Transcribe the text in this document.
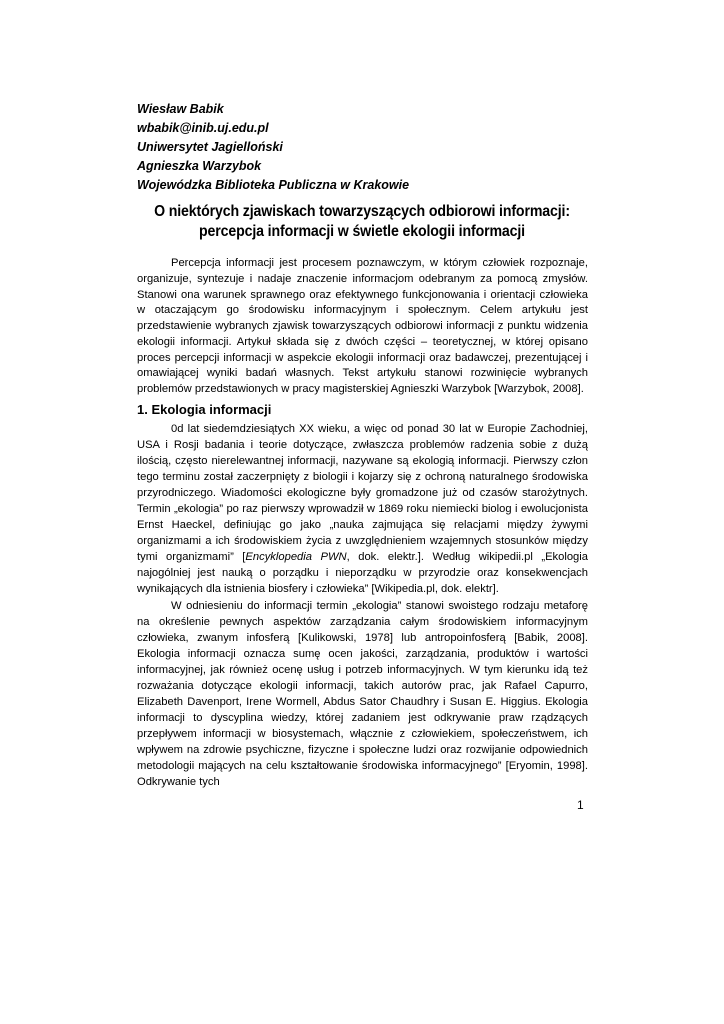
Wiesław Babik
wbabik@inib.uj.edu.pl
Uniwersytet Jagielloński
Agnieszka Warzybok
Wojewódzka Biblioteka Publiczna w Krakowie
O niektórych zjawiskach towarzyszących odbiorowi informacji:
percepcja informacji w świetle ekologii informacji

Percepcja informacji jest procesem poznawczym, w którym człowiek rozpoznaje, organizuje, syntezuje i nadaje znaczenie informacjom odebranym za pomocą zmysłów. Stanowi ona warunek sprawnego oraz efektywnego funkcjonowania i orientacji człowieka w otaczającym go środowisku informacyjnym i społecznym. Celem artykułu jest przedstawienie wybranych zjawisk towarzyszących odbiorowi informacji z punktu widzenia ekologii informacji. Artykuł składa się z dwóch części – teoretycznej, w której opisano proces percepcji informacji w aspekcie ekologii informacji oraz badawczej, prezentującej i omawiającej wyniki badań własnych. Tekst artykułu stanowi rozwinięcie wybranych problemów przedstawionych w pracy magisterskiej Agnieszki Warzybok [Warzybok, 2008].

1. Ekologia informacji

0d lat siedemdziesiątych XX wieku, a więc od ponad 30 lat w Europie Zachodniej, USA i Rosji badania i teorie dotyczące, zwłaszcza problemów radzenia sobie z dużą ilością, często nierelewantnej informacji, nazywane są ekologią informacji. Pierwszy człon tego terminu został zaczerpnięty z biologii i kojarzy się z ochroną naturalnego środowiska przyrodniczego. Wiadomości ekologiczne były gromadzone już od czasów starożytnych. Termin „ekologia” po raz pierwszy wprowadził w 1869 roku niemiecki biolog i ewolucjonista Ernst Haeckel, definiując go jako „nauka zajmująca się relacjami między żywymi organizmami a ich środowiskiem życia z uwzględnieniem wzajemnych stosunków między tymi organizmami” [Encyklopedia PWN, dok. elektr.]. Według wikipedii.pl „Ekologia najogólniej jest nauką o porządku i nieporządku w przyrodzie oraz konsekwencjach wynikających dla istnienia biosfery i człowieka” [Wikipedia.pl, dok. elektr].

W odniesieniu do informacji termin „ekologia” stanowi swoistego rodzaju metaforę na określenie pewnych aspektów zarządzania całym środowiskiem informacyjnym człowieka, zwanym infosferą [Kulikowski, 1978] lub antropoinfosferą [Babik, 2008]. Ekologia informacji oznacza sumę ocen jakości, zarządzania, produktów i wartości informacyjnej, jak również ocenę usług i potrzeb informacyjnych. W tym kierunku idą też rozważania dotyczące ekologii informacji, takich autorów prac, jak Rafael Capurro, Elizabeth Davenport, Irene Wormell, Abdus Sator Chaudhry i Susan E. Higgius. Ekologia informacji to dyscyplina wiedzy, której zadaniem jest odkrywanie praw rządzących przepływem informacji w biosystemach, włącznie z człowiekiem, społeczeństwem, ich wpływem na zdrowie psychiczne, fizyczne i społeczne ludzi oraz rozwijanie odpowiednich metodologii mających na celu kształtowanie środowiska informacyjnego” [Eryomin, 1998]. Odkrywanie tych

1
